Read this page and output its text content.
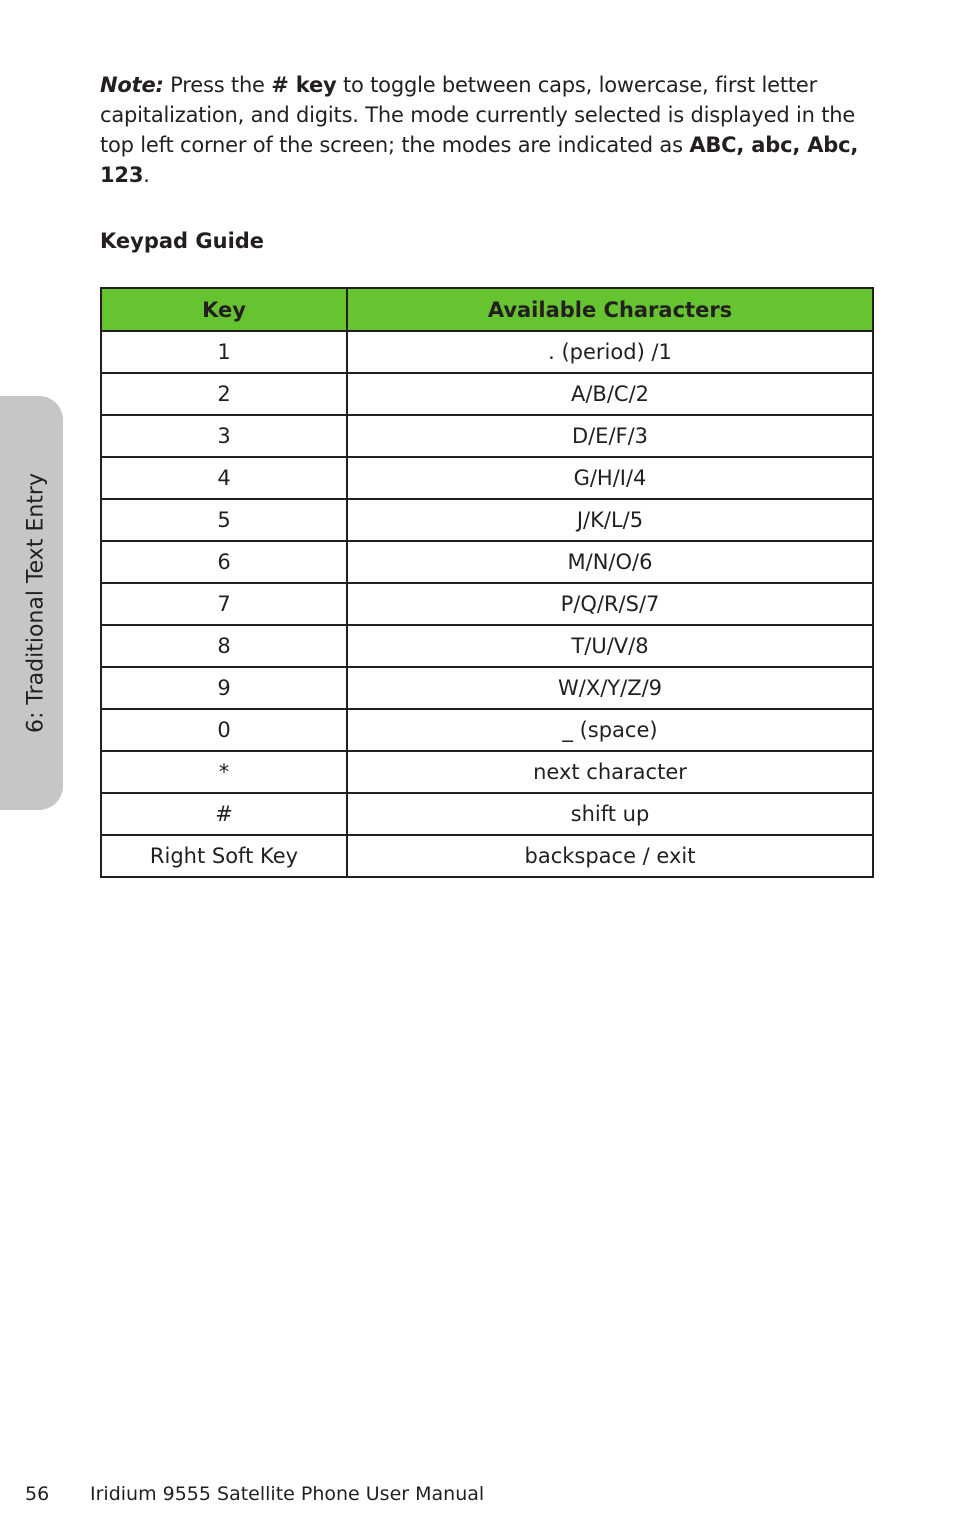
6: Traditional Text Entry

Note: Press the # key to toggle between caps, lowercase, first letter capitalization, and digits. The mode currently selected is displayed in the top left corner of the screen; the modes are indicated as ABC, abc, Abc, 123.

Keypad Guide
Key	Available Characters
1	. (period) /1
2	A/B/C/2
3	D/E/F/3
4	G/H/I/4
5	J/K/L/5
6	M/N/O/6
7	P/Q/R/S/7
8	T/U/V/8
9	W/X/Y/Z/9
0	_ (space)
*	next character
#	shift up
Right Soft Key	backspace / exit
56 Iridium 9555 Satellite Phone User Manual
